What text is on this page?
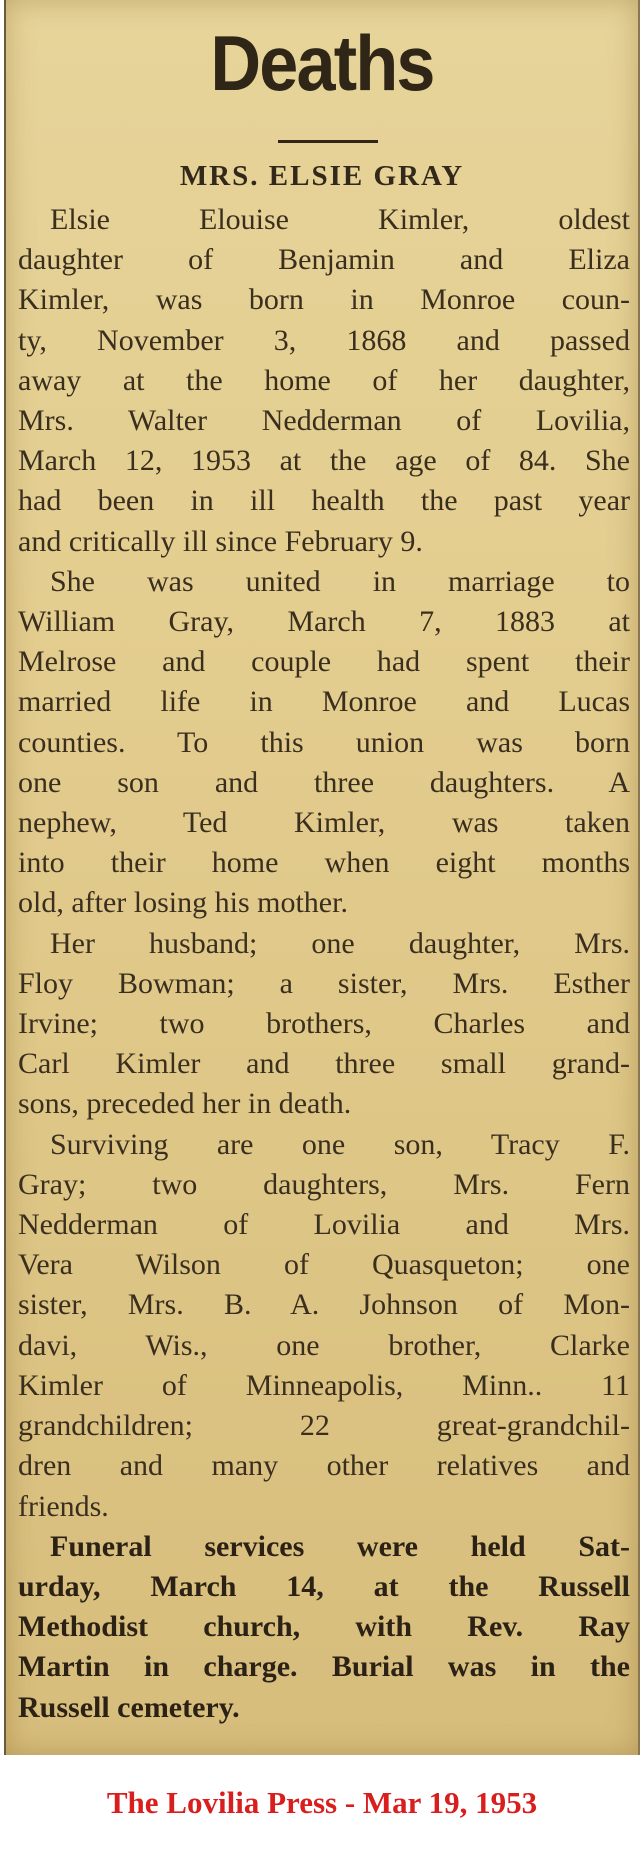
Deaths
MRS. ELSIE GRAY
Elsie Elouise Kimler, oldest
daughter of Benjamin and Eliza
Kimler, was born in Monroe coun-
ty, November 3, 1868 and passed
away at the home of her daughter,
Mrs. Walter Nedderman of Lovilia,
March 12, 1953 at the age of 84. She
had been in ill health the past year
and critically ill since February 9.
She was united in marriage to
William Gray, March 7, 1883 at
Melrose and couple had spent their
married life in Monroe and Lucas
counties. To this union was born
one son and three daughters. A
nephew, Ted Kimler, was taken
into their home when eight months
old, after losing his mother.
Her husband; one daughter, Mrs.
Floy Bowman; a sister, Mrs. Esther
Irvine; two brothers, Charles and
Carl Kimler and three small grand-
sons, preceded her in death.
Surviving are one son, Tracy F.
Gray; two daughters, Mrs. Fern
Nedderman of Lovilia and Mrs.
Vera Wilson of Quasqueton; one
sister, Mrs. B. A. Johnson of Mon-
davi, Wis., one brother, Clarke
Kimler of Minneapolis, Minn.. 11
grandchildren; 22 great-grandchil-
dren and many other relatives and
friends.
Funeral services were held Sat-
urday, March 14, at the Russell
Methodist church, with Rev. Ray
Martin in charge. Burial was in the
Russell cemetery.
The Lovilia Press - Mar 19, 1953
